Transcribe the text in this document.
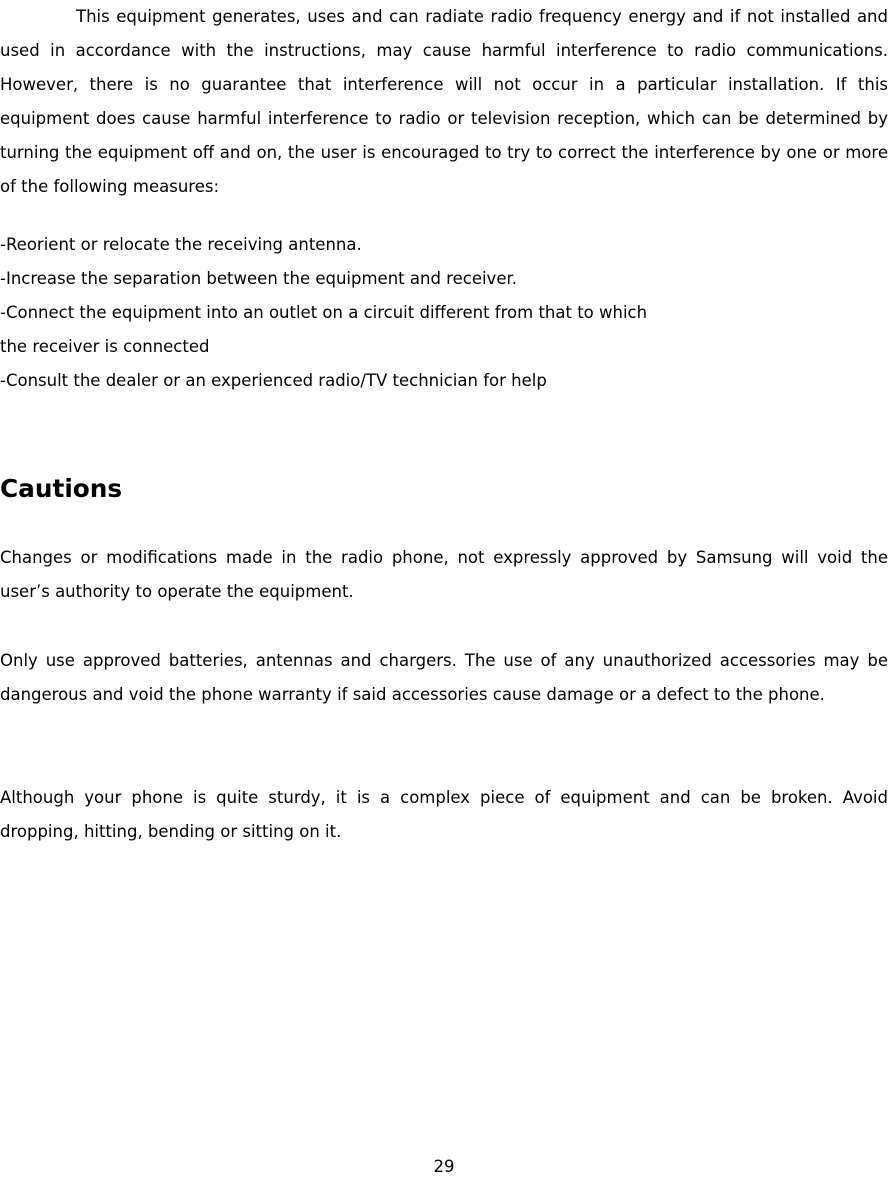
This equipment generates, uses and can radiate radio frequency energy and if not installed and used in accordance with the instructions, may cause harmful interference to radio communications. However, there is no guarantee that interference will not occur in a particular installation. If this equipment does cause harmful interference to radio or television reception, which can be determined by turning the equipment off and on, the user is encouraged to try to correct the interference by one or more of the following measures:

-Reorient or relocate the receiving antenna.
-Increase the separation between the equipment and receiver.
-Connect the equipment into an outlet on a circuit different from that to which
the receiver is connected
-Consult the dealer or an experienced radio/TV technician for help
Cautions

Changes or modifications made in the radio phone, not expressly approved by Samsung will void the user’s authority to operate the equipment.

Only use approved batteries, antennas and chargers. The use of any unauthorized accessories may be dangerous and void the phone warranty if said accessories cause damage or a defect to the phone.

Although your phone is quite sturdy, it is a complex piece of equipment and can be broken. Avoid dropping, hitting, bending or sitting on it.

29
